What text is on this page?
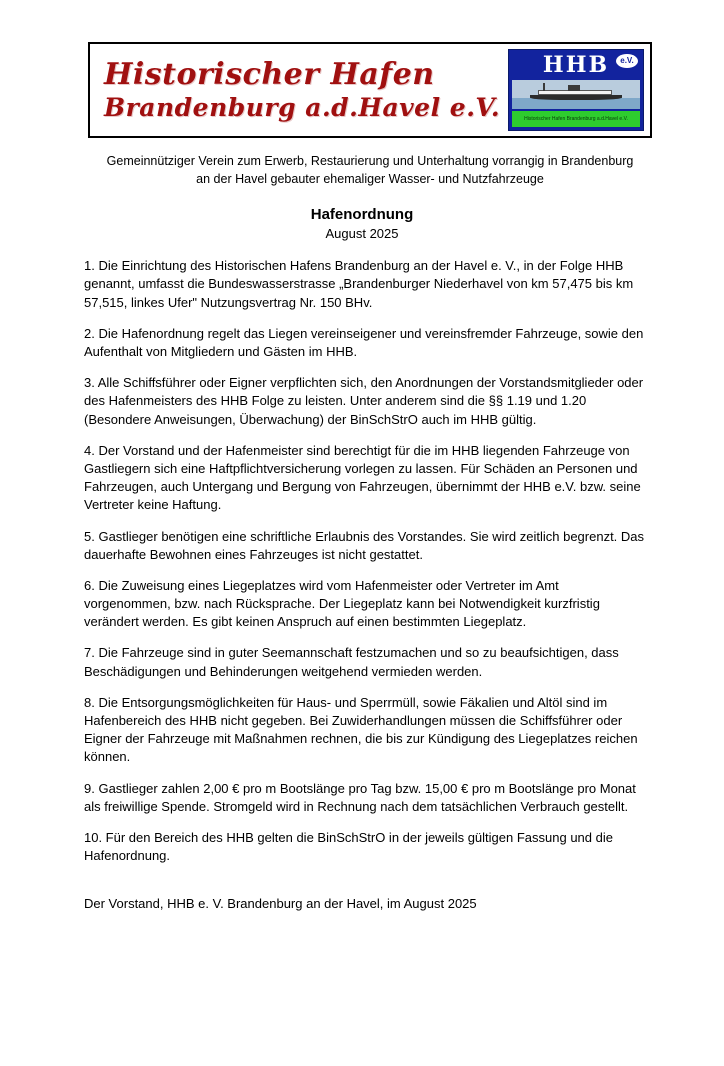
Historischer Hafen
Brandenburg a.d.Havel e.V.
HHB	e.V.
Historischer Hafen Brandenburg a.d.Havel e.V.
Gemeinnütziger Verein zum Erwerb, Restaurierung und Unterhaltung vorrangig in Brandenburg
an der Havel gebauter ehemaliger Wasser- und Nutzfahrzeuge
Hafenordnung
August 2025

1. Die Einrichtung des Historischen Hafens Brandenburg an der Havel e. V., in der Folge HHB genannt, umfasst die Bundeswasserstrasse „Brandenburger Niederhavel von km 57,475 bis km 57,515, linkes Ufer" Nutzungsvertrag Nr. 150 BHv.

2. Die Hafenordnung regelt das Liegen vereinseigener und vereinsfremder Fahrzeuge, sowie den Aufenthalt von Mitgliedern und Gästen im HHB.

3. Alle Schiffsführer oder Eigner verpflichten sich, den Anordnungen der Vorstandsmitglieder oder des Hafenmeisters des HHB Folge zu leisten. Unter anderem sind die §§ 1.19 und 1.20 (Besondere Anweisungen, Überwachung) der BinSchStrO auch im HHB gültig.

4. Der Vorstand und der Hafenmeister sind berechtigt für die im HHB liegenden Fahrzeuge von Gastliegern sich eine Haftpflichtversicherung vorlegen zu lassen. Für Schäden an Personen und Fahrzeugen, auch Untergang und Bergung von Fahrzeugen, übernimmt der HHB e.V. bzw. seine Vertreter keine Haftung.

5. Gastlieger benötigen eine schriftliche Erlaubnis des Vorstandes. Sie wird zeitlich begrenzt. Das dauerhafte Bewohnen eines Fahrzeuges ist nicht gestattet.

6. Die Zuweisung eines Liegeplatzes wird vom Hafenmeister oder Vertreter im Amt vorgenommen, bzw. nach Rücksprache. Der Liegeplatz kann bei Notwendigkeit kurzfristig verändert werden. Es gibt keinen Anspruch auf einen bestimmten Liegeplatz.

7. Die Fahrzeuge sind in guter Seemannschaft festzumachen und so zu beaufsichtigen, dass Beschädigungen und Behinderungen weitgehend vermieden werden.

8. Die Entsorgungsmöglichkeiten für Haus- und Sperrmüll, sowie Fäkalien und Altöl sind im Hafenbereich des HHB nicht gegeben. Bei Zuwiderhandlungen müssen die Schiffsführer oder Eigner der Fahrzeuge mit Maßnahmen rechnen, die bis zur Kündigung des Liegeplatzes reichen können.

9. Gastlieger zahlen 2,00 € pro m Bootslänge pro Tag bzw. 15,00 € pro m Bootslänge pro Monat als freiwillige Spende. Stromgeld wird in Rechnung nach dem tatsächlichen Verbrauch gestellt.

10. Für den Bereich des HHB gelten die BinSchStrO in der jeweils gültigen Fassung und die Hafenordnung.

Der Vorstand, HHB e. V. Brandenburg an der Havel, im August 2025
